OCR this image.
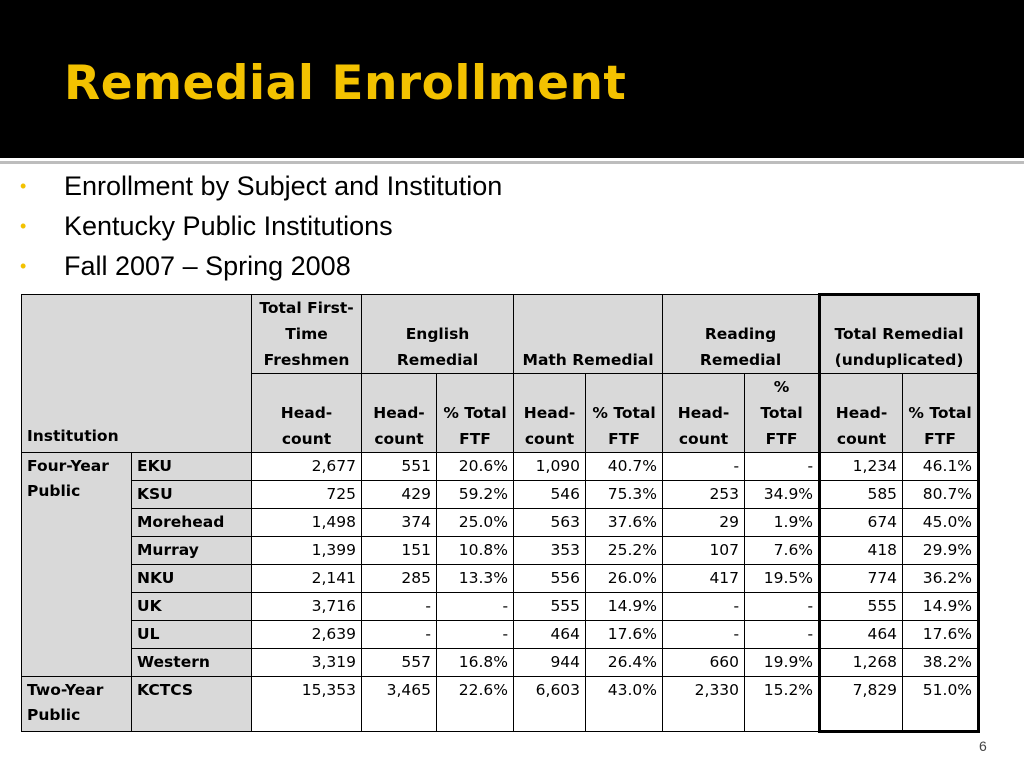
Remedial Enrollment
• Enrollment by Subject and Institution
• Kentucky Public Institutions
• Fall 2007 – Spring 2008
Institution		Total First-Time Freshmen	English Remedial		Math Remedial		Reading Remedial		Total Remedial (unduplicated)	
		Head-count	Head-count	% Total FTF	Head-count	% Total FTF	Head-count	% Total FTF	Head-count	% Total FTF
Four-Year Public	EKU	2,677	551	20.6%	1,090	40.7%	-	-	1,234	46.1%
	KSU	725	429	59.2%	546	75.3%	253	34.9%	585	80.7%
	Morehead	1,498	374	25.0%	563	37.6%	29	1.9%	674	45.0%
	Murray	1,399	151	10.8%	353	25.2%	107	7.6%	418	29.9%
	NKU	2,141	285	13.3%	556	26.0%	417	19.5%	774	36.2%
	UK	3,716	-	-	555	14.9%	-	-	555	14.9%
	UL	2,639	-	-	464	17.6%	-	-	464	17.6%
	Western	3,319	557	16.8%	944	26.4%	660	19.9%	1,268	38.2%
Two-Year Public	KCTCS	15,353	3,465	22.6%	6,603	43.0%	2,330	15.2%	7,829	51.0%
6
